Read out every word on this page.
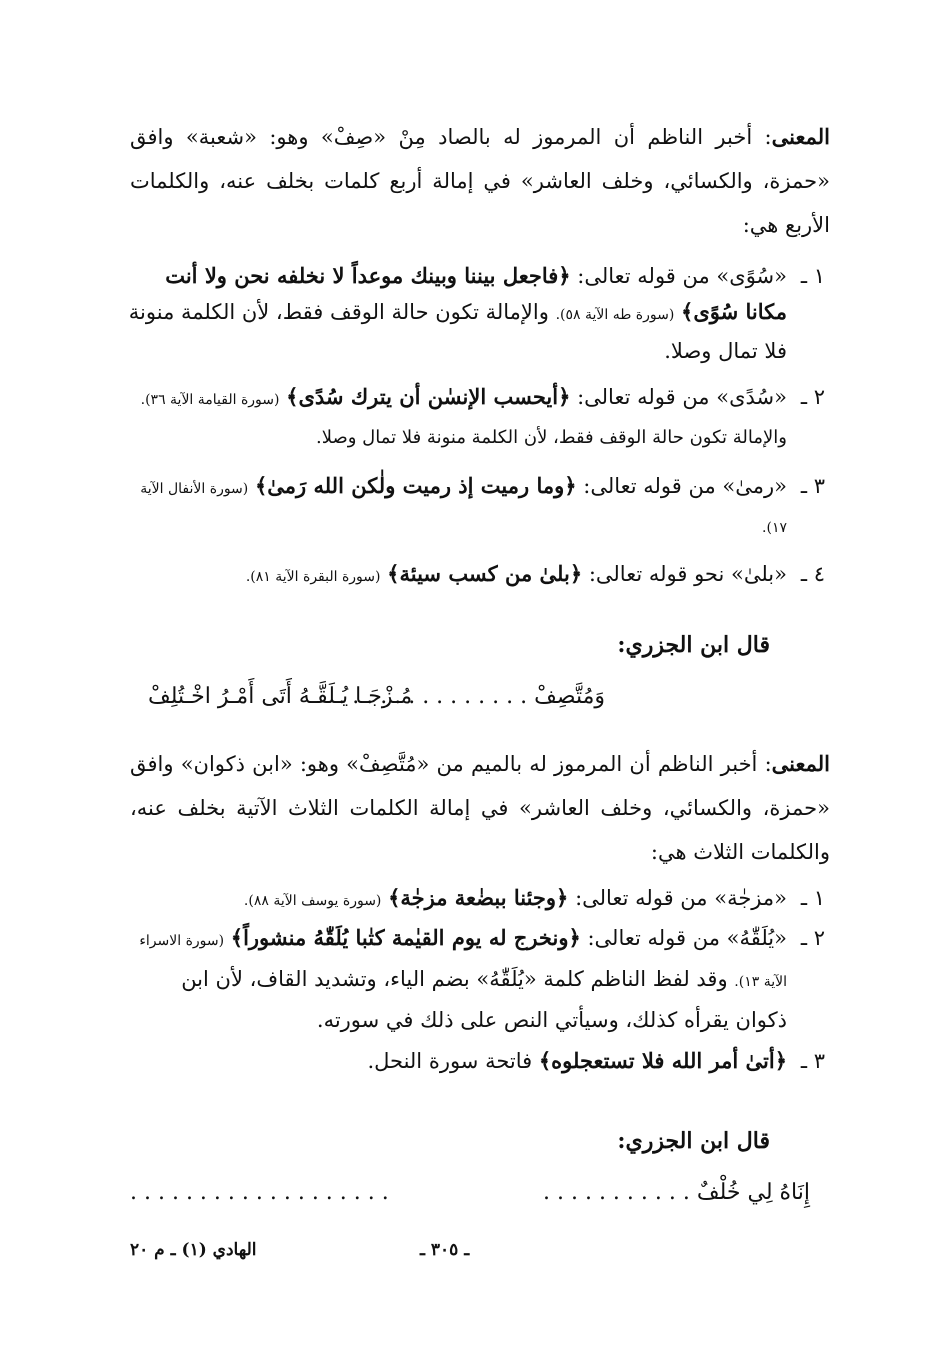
المعنى: أخبر الناظم أن المرموز له بالصاد مِنْ «صِفْ» وهو: «شعبة» وافق «حمزة، والكسائي، وخلف العاشر» في إمالة أربع كلمات بخلف عنه، والكلمات الأربع هي:
١ ـ
«سُوًى» من قوله تعالى: ﴿فاجعل بيننا وبينك موعداً لا نخلفه نحن ولا أنت مكانا سُوًى﴾ (سورة طه الآية ٥٨). والإمالة تكون حالة الوقف فقط، لأن الكلمة منونة فلا تمال وصلا.
٢ ـ
«سُدًى» من قوله تعالى: ﴿أيحسب الإنسٰن أن يترك سُدًى﴾ (سورة القيامة الآية ٣٦). والإمالة تكون حالة الوقف فقط، لأن الكلمة منونة فلا تمال وصلا.
٣ ـ
«رمىٰ» من قوله تعالى: ﴿وما رميت إذ رميت ولٰكن الله رَمىٰ﴾ (سورة الأنفال الآية ١٧).
٤ ـ
«بلىٰ» نحو قوله تعالى: ﴿بلىٰ من كسب سيئة﴾ (سورة البقرة الآية ٨١).
قال ابن الجزري:
وَمُتَّصِفْ . . . . . . . . . . . . . .
مُـزْجَـا يُـلَقَّـهُ أَتَى أَمْـرُ اخْـتُلِفْ
المعنى: أخبر الناظم أن المرموز له بالميم من «مُتَّصِفْ» وهو: «ابن ذكوان» وافق «حمزة، والكسائي، وخلف العاشر» في إمالة الكلمات الثلاث الآتية بخلف عنه، والكلمات الثلاث هي:
١ ـ
«مزجٰة» من قوله تعالى: ﴿وجئنا ببضٰعة مزجٰة﴾ (سورة يوسف الآية ٨٨).
٢ ـ
«يُلَقّٰهُ» من قوله تعالى: ﴿ونخرج له يوم القيٰمة كتٰبا يُلَقّٰهُ منشوراً﴾ (سورة الاسراء الآية ١٣). وقد لفظ الناظم كلمة «يُلَقّٰهُ» بضم الياء، وتشديد القاف، لأن ابن ذكوان يقرأه كذلك، وسيأتي النص على ذلك في سورته.
٣ ـ
﴿أتىٰ أمر الله فلا تستعجلوه﴾ فاتحة سورة النحل.
قال ابن الجزري:
إِنَاهُ لِي خُلْفٌ . . . . . . . . . . .
. . . . . . . . . . . . . . . . . . .
ـ ٣٠٥ ـ
الهادي (١) ـ م ٢٠
